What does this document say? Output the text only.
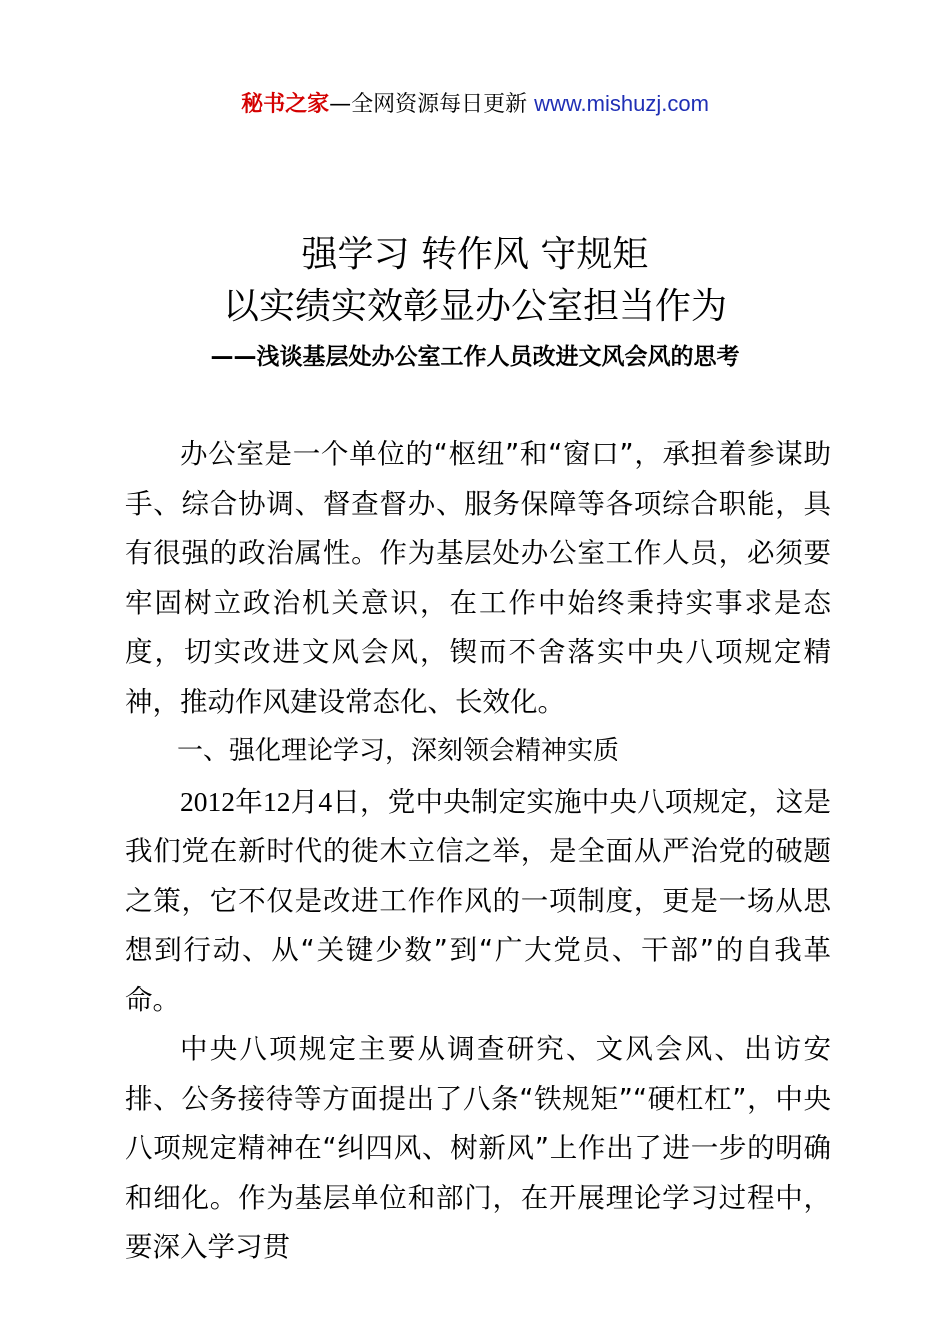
秘书之家—全网资源每日更新 www.mishuzj.com
强学习 转作风 守规矩
以实绩实效彰显办公室担当作为
——浅谈基层处办公室工作人员改进文风会风的思考

办公室是一个单位的“枢纽”和“窗口”，承担着参谋助手、综合协调、督查督办、服务保障等各项综合职能，具有很强的政治属性。作为基层处办公室工作人员，必须要牢固树立政治机关意识，在工作中始终秉持实事求是态度，切实改进文风会风，锲而不舍落实中央八项规定精神，推动作风建设常态化、长效化。

一、强化理论学习，深刻领会精神实质

2012年12月4日，党中央制定实施中央八项规定，这是我们党在新时代的徙木立信之举，是全面从严治党的破题之策，它不仅是改进工作作风的一项制度，更是一场从思想到行动、从“关键少数”到“广大党员、干部”的自我革命。

中央八项规定主要从调查研究、文风会风、出访安排、公务接待等方面提出了八条“铁规矩”“硬杠杠”，中央八项规定精神在“纠四风、树新风”上作出了进一步的明确和细化。作为基层单位和部门，在开展理论学习过程中，要深入学习贯
